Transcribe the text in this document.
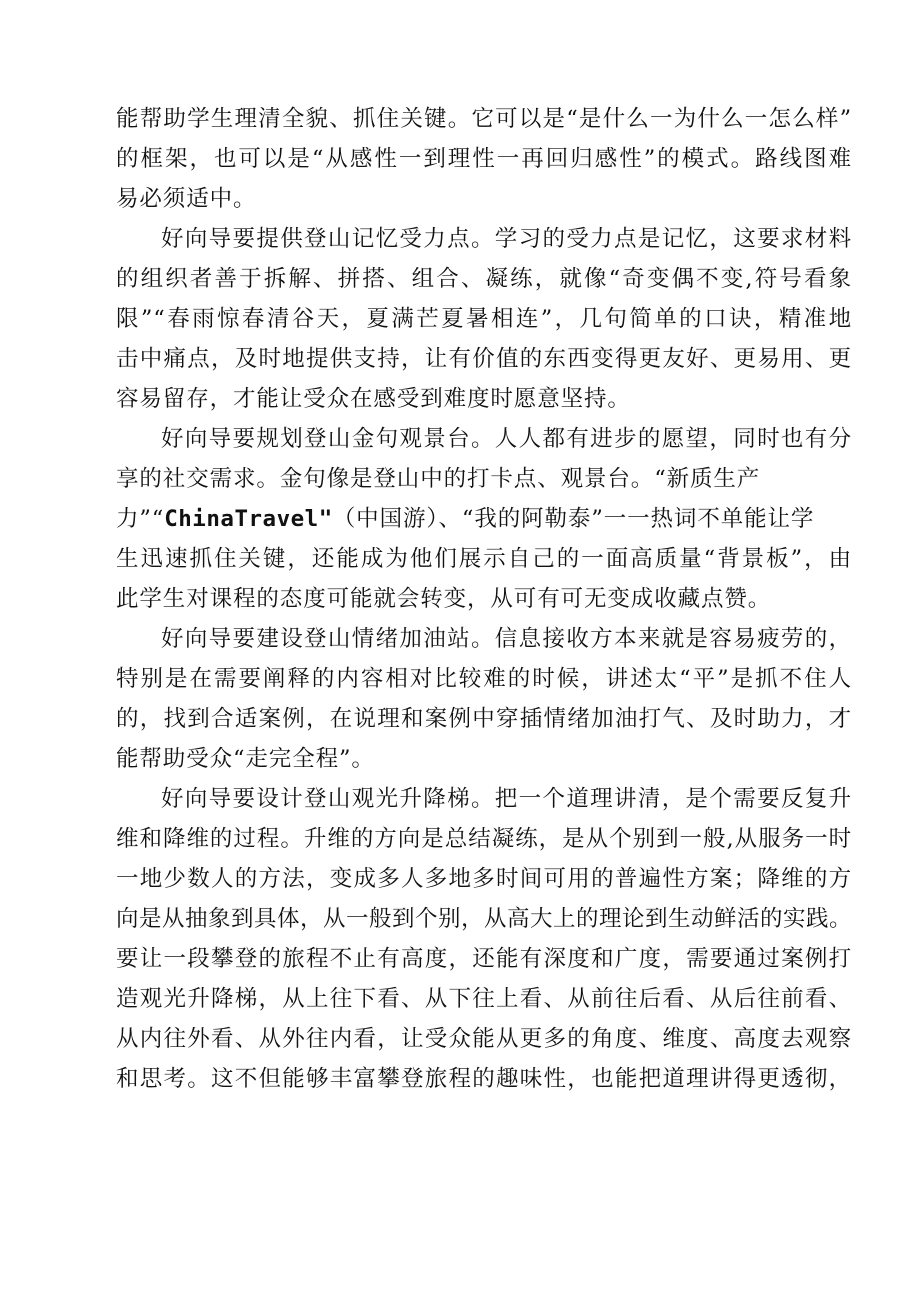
能帮助学生理清全貌、抓住关键。它可以是“是什么一为什么一怎么样”
的框架，也可以是“从感性一到理性一再回归感性”的模式。路线图难
易必须适中。
好向导要提供登山记忆受力点。学习的受力点是记忆，这要求材料
的组织者善于拆解、拼搭、组合、凝练，就像“奇变偶不变,符号看象
限”“春雨惊春清谷天，夏满芒夏暑相连”，几句简单的口诀，精准地
击中痛点，及时地提供支持，让有价值的东西变得更友好、更易用、更
容易留存，才能让受众在感受到难度时愿意坚持。
好向导要规划登山金句观景台。人人都有进步的愿望，同时也有分
享的社交需求。金句像是登山中的打卡点、观景台。“新质生产
力”“ChinaTravel"（中国游）、“我的阿勒泰”一一热词不单能让学
生迅速抓住关键，还能成为他们展示自己的一面高质量“背景板”，由
此学生对课程的态度可能就会转变，从可有可无变成收藏点赞。
好向导要建设登山情绪加油站。信息接收方本来就是容易疲劳的，
特别是在需要阐释的内容相对比较难的时候，讲述太“平”是抓不住人
的，找到合适案例，在说理和案例中穿插情绪加油打气、及时助力，才
能帮助受众“走完全程”。
好向导要设计登山观光升降梯。把一个道理讲清，是个需要反复升
维和降维的过程。升维的方向是总结凝练，是从个别到一般,从服务一时
一地少数人的方法，变成多人多地多时间可用的普遍性方案；降维的方
向是从抽象到具体，从一般到个别，从高大上的理论到生动鲜活的实践。
要让一段攀登的旅程不止有高度，还能有深度和广度，需要通过案例打
造观光升降梯，从上往下看、从下往上看、从前往后看、从后往前看、
从内往外看、从外往内看，让受众能从更多的角度、维度、高度去观察
和思考。这不但能够丰富攀登旅程的趣味性，也能把道理讲得更透彻，
